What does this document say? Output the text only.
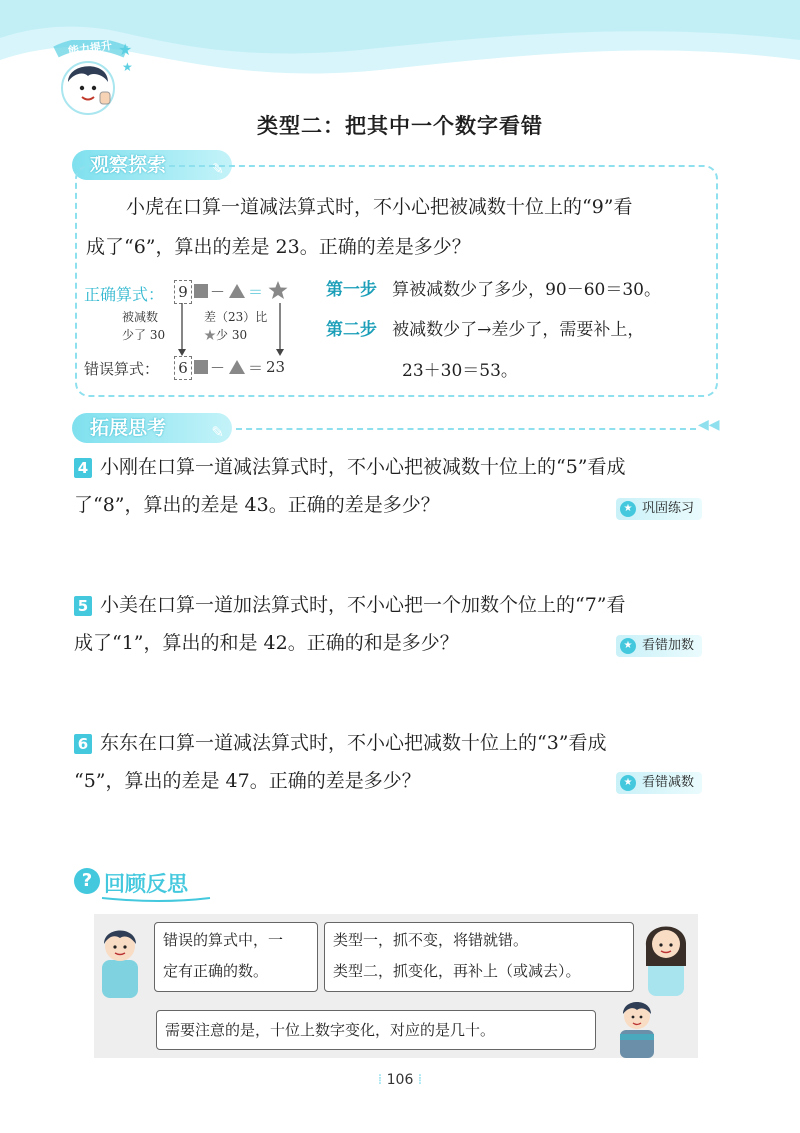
能力提升 ★
★
类型二：把其中一个数字看错
观察探索	✎
小虎在口算一道减法算式时，不小心把被减数十位上的“9”看
成了“6”，算出的差是 23。正确的差是多少？
正确算式： 9 － ＝
被减数
少了 30
差（23）比
★少 30
错误算式： 6 － ＝ 23
第一步 算被减数少了多少，90－60＝30。
第二步 被减数少了→差少了，需要补上，
23＋30＝53。
拓展思考	✎	◀◀
4 小刚在口算一道减法算式时，不小心把被减数十位上的“5”看成
了“8”，算出的差是 43。正确的差是多少？	★ 巩固练习
5 小美在口算一道加法算式时，不小心把一个加数个位上的“7”看
成了“1”，算出的和是 42。正确的和是多少？	★ 看错加数
6 东东在口算一道减法算式时，不小心把减数十位上的“3”看成
“5”，算出的差是 47。正确的差是多少？	★ 看错减数
? 回顾反思
错误的算式中，一
定有正确的数。
类型一，抓不变，将错就错。
类型二，抓变化，再补上（或减去）。
需要注意的是，十位上数字变化，对应的是几十。
⁞ 106 ⁞
